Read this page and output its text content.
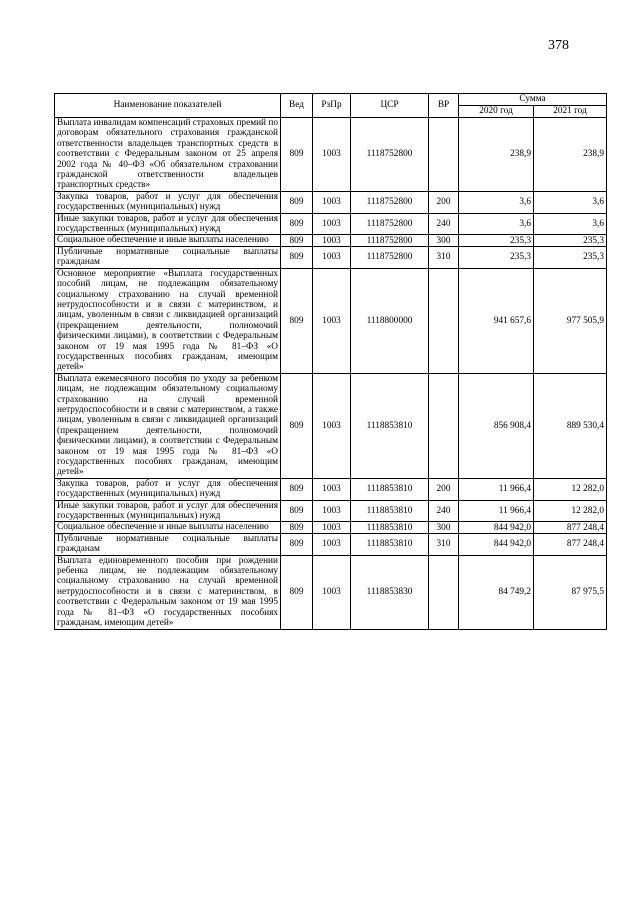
378
Наименование показателей	Вед	РзПр	ЦСР	ВР	Сумма	
					2020 год	2021 год
Выплата инвалидам компенсаций страховых премий по договорам обязательного страхования гражданской ответственности владельцев транспортных средств в соответствии с Федеральным законом от 25 апреля 2002 года № 40–ФЗ «Об обязательном страховании гражданской ответственности владельцев транспортных средств»	809	1003	1118752800		238,9	238,9
Закупка товаров, работ и услуг для обеспечения государственных (муниципальных) нужд	809	1003	1118752800	200	3,6	3,6
Иные закупки товаров, работ и услуг для обеспечения государственных (муниципальных) нужд	809	1003	1118752800	240	3,6	3,6
Социальное обеспечение и иные выплаты населению	809	1003	1118752800	300	235,3	235,3
Публичные нормативные социальные выплаты гражданам	809	1003	1118752800	310	235,3	235,3
Основное мероприятие «Выплата государственных пособий лицам, не подлежащим обязательному социальному страхованию на случай временной нетрудоспособности и в связи с материнством, и лицам, уволенным в связи с ликвидацией организаций (прекращением деятельности, полномочий физическими лицами), в соответствии с Федеральным законом от 19 мая 1995 года № 81–ФЗ «О государственных пособиях гражданам, имеющим детей»	809	1003	1118800000		941 657,6	977 505,9
Выплата ежемесячного пособия по уходу за ребенком лицам, не подлежащим обязательному социальному страхованию на случай временной нетрудоспособности и в связи с материнством, а также лицам, уволенным в связи с ликвидацией организаций (прекращением деятельности, полномочий физическими лицами), в соответствии с Федеральным законом от 19 мая 1995 года № 81–ФЗ «О государственных пособиях гражданам, имеющим детей»	809	1003	1118853810		856 908,4	889 530,4
Закупка товаров, работ и услуг для обеспечения государственных (муниципальных) нужд	809	1003	1118853810	200	11 966,4	12 282,0
Иные закупки товаров, работ и услуг для обеспечения государственных (муниципальных) нужд	809	1003	1118853810	240	11 966,4	12 282,0
Социальное обеспечение и иные выплаты населению	809	1003	1118853810	300	844 942,0	877 248,4
Публичные нормативные социальные выплаты гражданам	809	1003	1118853810	310	844 942,0	877 248,4
Выплата единовременного пособия при рождении ребенка лицам, не подлежащим обязательному социальному страхованию на случай временной нетрудоспособности и в связи с материнством, в соответствии с Федеральным законом от 19 мая 1995 года № 81–ФЗ «О государственных пособиях гражданам, имеющим детей»	809	1003	1118853830		84 749,2	87 975,5
